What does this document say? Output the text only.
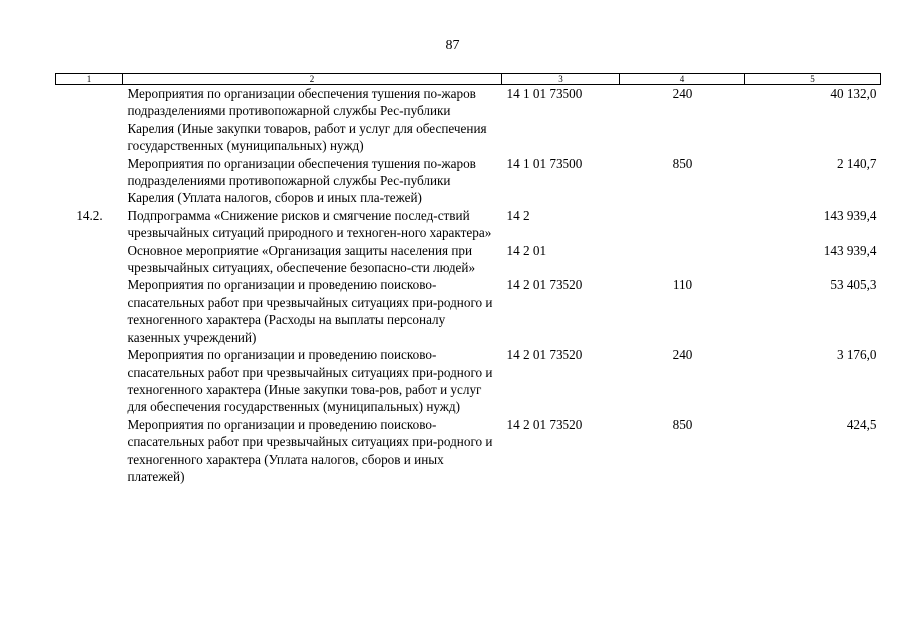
87
1	2	3	4	5
	Мероприятия по организации обеспечения тушения по-жаров подразделениями противопожарной службы Рес-публики Карелия (Иные закупки товаров, работ и услуг для обеспечения государственных (муниципальных) нужд)	14 1 01 73500	240	40 132,0
	Мероприятия по организации обеспечения тушения по-жаров подразделениями противопожарной службы Рес-публики Карелия (Уплата налогов, сборов и иных пла-тежей)	14 1 01 73500	850	2 140,7
14.2.	Подпрограмма «Снижение рисков и смягчение послед-ствий чрезвычайных ситуаций природного и техноген-ного характера»	14 2		143 939,4
	Основное мероприятие «Организация защиты населения при чрезвычайных ситуациях, обеспечение безопасно-сти людей»	14 2 01		143 939,4
	Мероприятия по организации и проведению поисково-спасательных работ при чрезвычайных ситуациях при-родного и техногенного характера (Расходы на выплаты персоналу казенных учреждений)	14 2 01 73520	110	53 405,3
	Мероприятия по организации и проведению поисково-спасательных работ при чрезвычайных ситуациях при-родного и техногенного характера (Иные закупки това-ров, работ и услуг для обеспечения государственных (муниципальных) нужд)	14 2 01 73520	240	3 176,0
	Мероприятия по организации и проведению поисково-спасательных работ при чрезвычайных ситуациях при-родного и техногенного характера (Уплата налогов, сборов и иных платежей)	14 2 01 73520	850	424,5
